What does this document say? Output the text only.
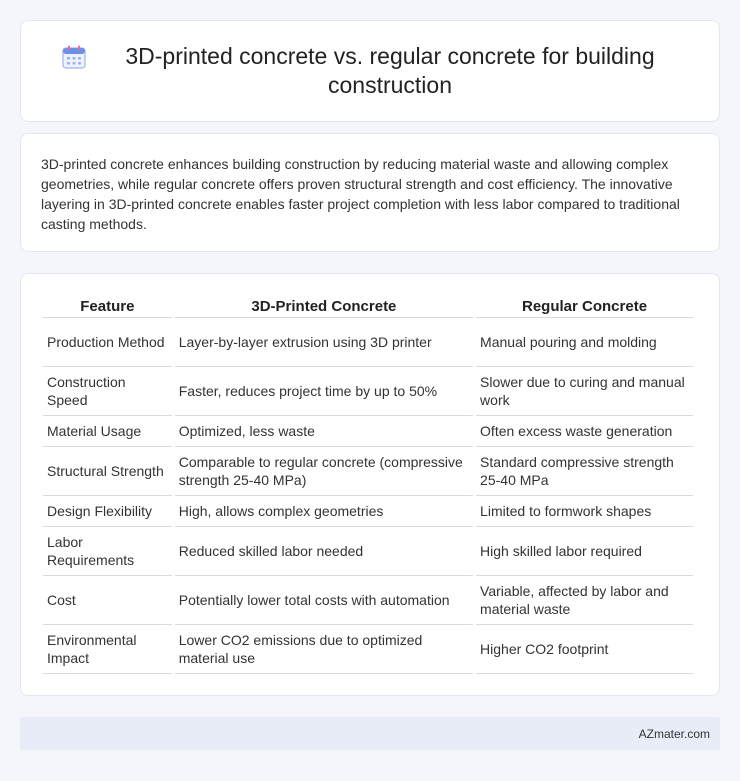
3D-printed concrete vs. regular concrete for building construction

3D-printed concrete enhances building construction by reducing material waste and allowing complex geometries, while regular concrete offers proven structural strength and cost efficiency. The innovative layering in 3D-printed concrete enables faster project completion with less labor compared to traditional casting methods.

Feature	3D-Printed Concrete	Regular Concrete
Production Method	Layer-by-layer extrusion using 3D printer	Manual pouring and molding
Construction Speed	Faster, reduces project time by up to 50%	Slower due to curing and manual work
Material Usage	Optimized, less waste	Often excess waste generation
Structural Strength	Comparable to regular concrete (compressive strength 25-40 MPa)	Standard compressive strength 25-40 MPa
Design Flexibility	High, allows complex geometries	Limited to formwork shapes
Labor Requirements	Reduced skilled labor needed	High skilled labor required
Cost	Potentially lower total costs with automation	Variable, affected by labor and material waste
Environmental Impact	Lower CO2 emissions due to optimized material use	Higher CO2 footprint
AZmater.com
